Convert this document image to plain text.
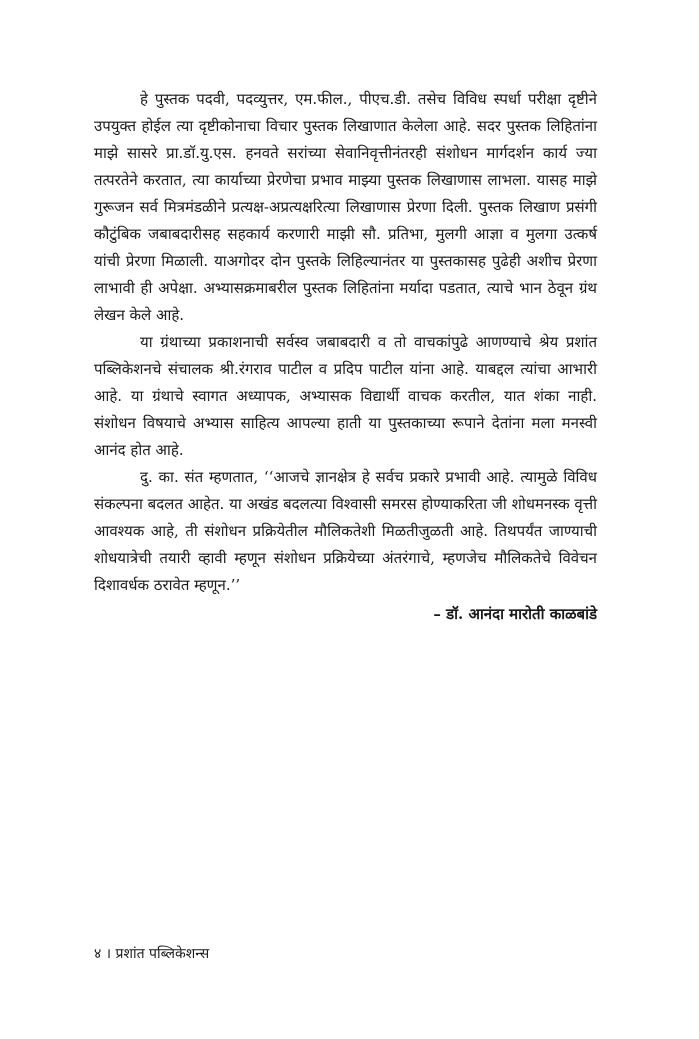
हे पुस्तक पदवी, पदव्युत्तर, एम.फील., पीएच.डी. तसेच विविध स्पर्धा परीक्षा दृष्टीने उपयुक्त होईल त्या दृष्टीकोनाचा विचार पुस्तक लिखाणात केलेला आहे. सदर पुस्तक लिहितांना माझे सासरे प्रा.डॉ.यु.एस. हनवते सरांच्या सेवानिवृत्तीनंतरही संशोधन मार्गदर्शन कार्य ज्या तत्परतेने करतात, त्या कार्याच्या प्रेरणेचा प्रभाव माझ्या पुस्तक लिखाणास लाभला. यासह माझे गुरूजन सर्व मित्रमंडळीने प्रत्यक्ष-अप्रत्यक्षरित्या लिखाणास प्रेरणा दिली. पुस्तक लिखाण प्रसंगी कौटुंबिक जबाबदारीसह सहकार्य करणारी माझी सौ. प्रतिभा, मुलगी आज्ञा व मुलगा उत्कर्ष यांची प्रेरणा मिळाली. याअगोदर दोन पुस्तके लिहिल्यानंतर या पुस्तकासह पुढेही अशीच प्रेरणा लाभावी ही अपेक्षा. अभ्यासक्रमाबरील पुस्तक लिहितांना मर्यादा पडतात, त्याचे भान ठेवून ग्रंथ लेखन केले आहे.

या ग्रंथाच्या प्रकाशनाची सर्वस्व जबाबदारी व तो वाचकांपुढे आणण्याचे श्रेय प्रशांत पब्लिकेशनचे संचालक श्री.रंगराव पाटील व प्रदिप पाटील यांना आहे. याबद्दल त्यांचा आभारी आहे. या ग्रंथाचे स्वागत अध्यापक, अभ्यासक विद्यार्थी वाचक करतील, यात शंका नाही. संशोधन विषयाचे अभ्यास साहित्य आपल्या हाती या पुस्तकाच्या रूपाने देतांना मला मनस्वी आनंद होत आहे.

दु. का. संत म्हणतात, ‘‘आजचे ज्ञानक्षेत्र हे सर्वच प्रकारे प्रभावी आहे. त्यामुळे विविध संकल्पना बदलत आहेत. या अखंड बदलत्या विश्वासी समरस होण्याकरिता जी शोधमनस्क वृत्ती आवश्यक आहे, ती संशोधन प्रक्रियेतील मौलिकतेशी मिळतीजुळती आहे. तिथपर्यंत जाण्याची शोधयात्रेची तयारी व्हावी म्हणून संशोधन प्रक्रियेच्या अंतरंगाचे, म्हणजेच मौलिकतेचे विवेचन दिशावर्धक ठरावेत म्हणून.’’

– डॉ. आनंदा मारोती काळबांडे

४ । प्रशांत पब्लिकेशन्स
